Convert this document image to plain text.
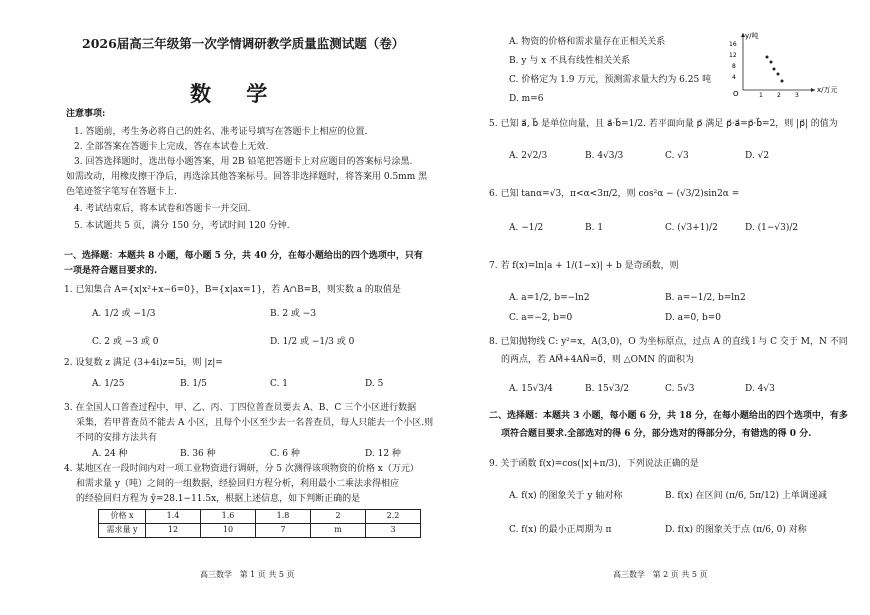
2026届高三年级第一次学情调研教学质量监测试题（卷）
数 学
注意事项:
1. 答题前，考生务必将自己的姓名、准考证号填写在答题卡上相应的位置.
2. 全部答案在答题卡上完成，答在本试卷上无效.
3. 回答选择题时，选出每小题答案，用 2B 铅笔把答题卡上对应题目的答案标号涂黑.
如需改动，用橡皮擦干净后，再选涂其他答案标号。回答非选择题时，将答案用 0.5mm 黑
色笔迹签字笔写在答题卡上.
4. 考试结束后，将本试卷和答题卡一并交回.
5. 本试题共 5 页，满分 150 分，考试时间 120 分钟.
一、选择题：本题共 8 小题，每小题 5 分，共 40 分，在每小题给出的四个选项中，只有
一项是符合题目要求的.
1. 已知集合 A={x|x²+x−6=0}，B={x|ax=1}，若 A∩B=B，则实数 a 的取值是
A. 1/2 或 −1/3	B. 2 或 −3
C. 2 或 −3 或 0	D. 1/2 或 −1/3 或 0
2. 设复数 z 满足 (3+4i)z=5i，则 |z|=
A. 1/25	B. 1/5	C. 1	D. 5
3. 在全国人口普查过程中，甲、乙、丙、丁四位普查员要去 A、B、C 三个小区进行数据
采集，若甲普查员不能去 A 小区，且每个小区至少去一名普查员，每人只能去一个小区.则
不同的安排方法共有
A. 24 种	B. 36 种	C. 6 种	D. 12 种
4. 某地区在一段时间内对一项工业物资进行调研，分 5 次测得该项物资的价格 x（万元）
和需求量 y（吨）之间的一组数据，经验回归方程分析，利用最小二乘法求得相应
的经验回归方程为 ŷ=28.1−11.5x，根据上述信息，如下判断正确的是
价格 x	1.4	1.6	1.8	2	2.2
需求量 y	12	10	7	m	3
高三数学   第 1 页 共 5 页
A. 物资的价格和需求量存在正相关关系
B. y 与 x 不具有线性相关关系
C. 价格定为 1.9 万元，预测需求量大约为 6.25 吨
D. m=6
y/吨
x/万元
O
16
12
8
4
1 2 3
5. 已知 a⃗, b⃗ 是单位向量，且 a⃗·b⃗=1/2. 若平面向量 p⃗ 满足 p⃗·a⃗=p⃗·b⃗=2，则 |p⃗| 的值为
A. 2√2/3	B. 4√3/3	C. √3	D. √2
6. 已知 tanα=√3，π<α<3π/2，则 cos²α − (√3/2)sin2α =
A. −1/2	B. 1	C. (√3+1)/2	D. (1−√3)/2
7. 若 f(x)=ln|a + 1/(1−x)| + b 是奇函数，则
A. a=1/2, b=−ln2	B. a=−1/2, b=ln2
C. a=−2, b=0	D. a=0, b=0
8. 已知抛物线 C: y²=x，A(3,0)，O 为坐标原点，过点 A 的直线 l 与 C 交于 M，N 不同
的两点，若 AM⃗+4AN⃗=0⃗，则 △OMN 的面积为
A. 15√3/4	B. 15√3/2	C. 5√3	D. 4√3
二、选择题：本题共 3 小题，每小题 6 分，共 18 分，在每小题给出的四个选项中，有多
项符合题目要求.全部选对的得 6 分，部分选对的得部分分，有错选的得 0 分.
9. 关于函数 f(x)=cos(|x|+π/3)，下列说法正确的是
A. f(x) 的图象关于 y 轴对称	B. f(x) 在区间 (π/6, 5π/12) 上单调递减
C. f(x) 的最小正周期为 π	D. f(x) 的图象关于点 (π/6, 0) 对称
高三数学   第 2 页 共 5 页
